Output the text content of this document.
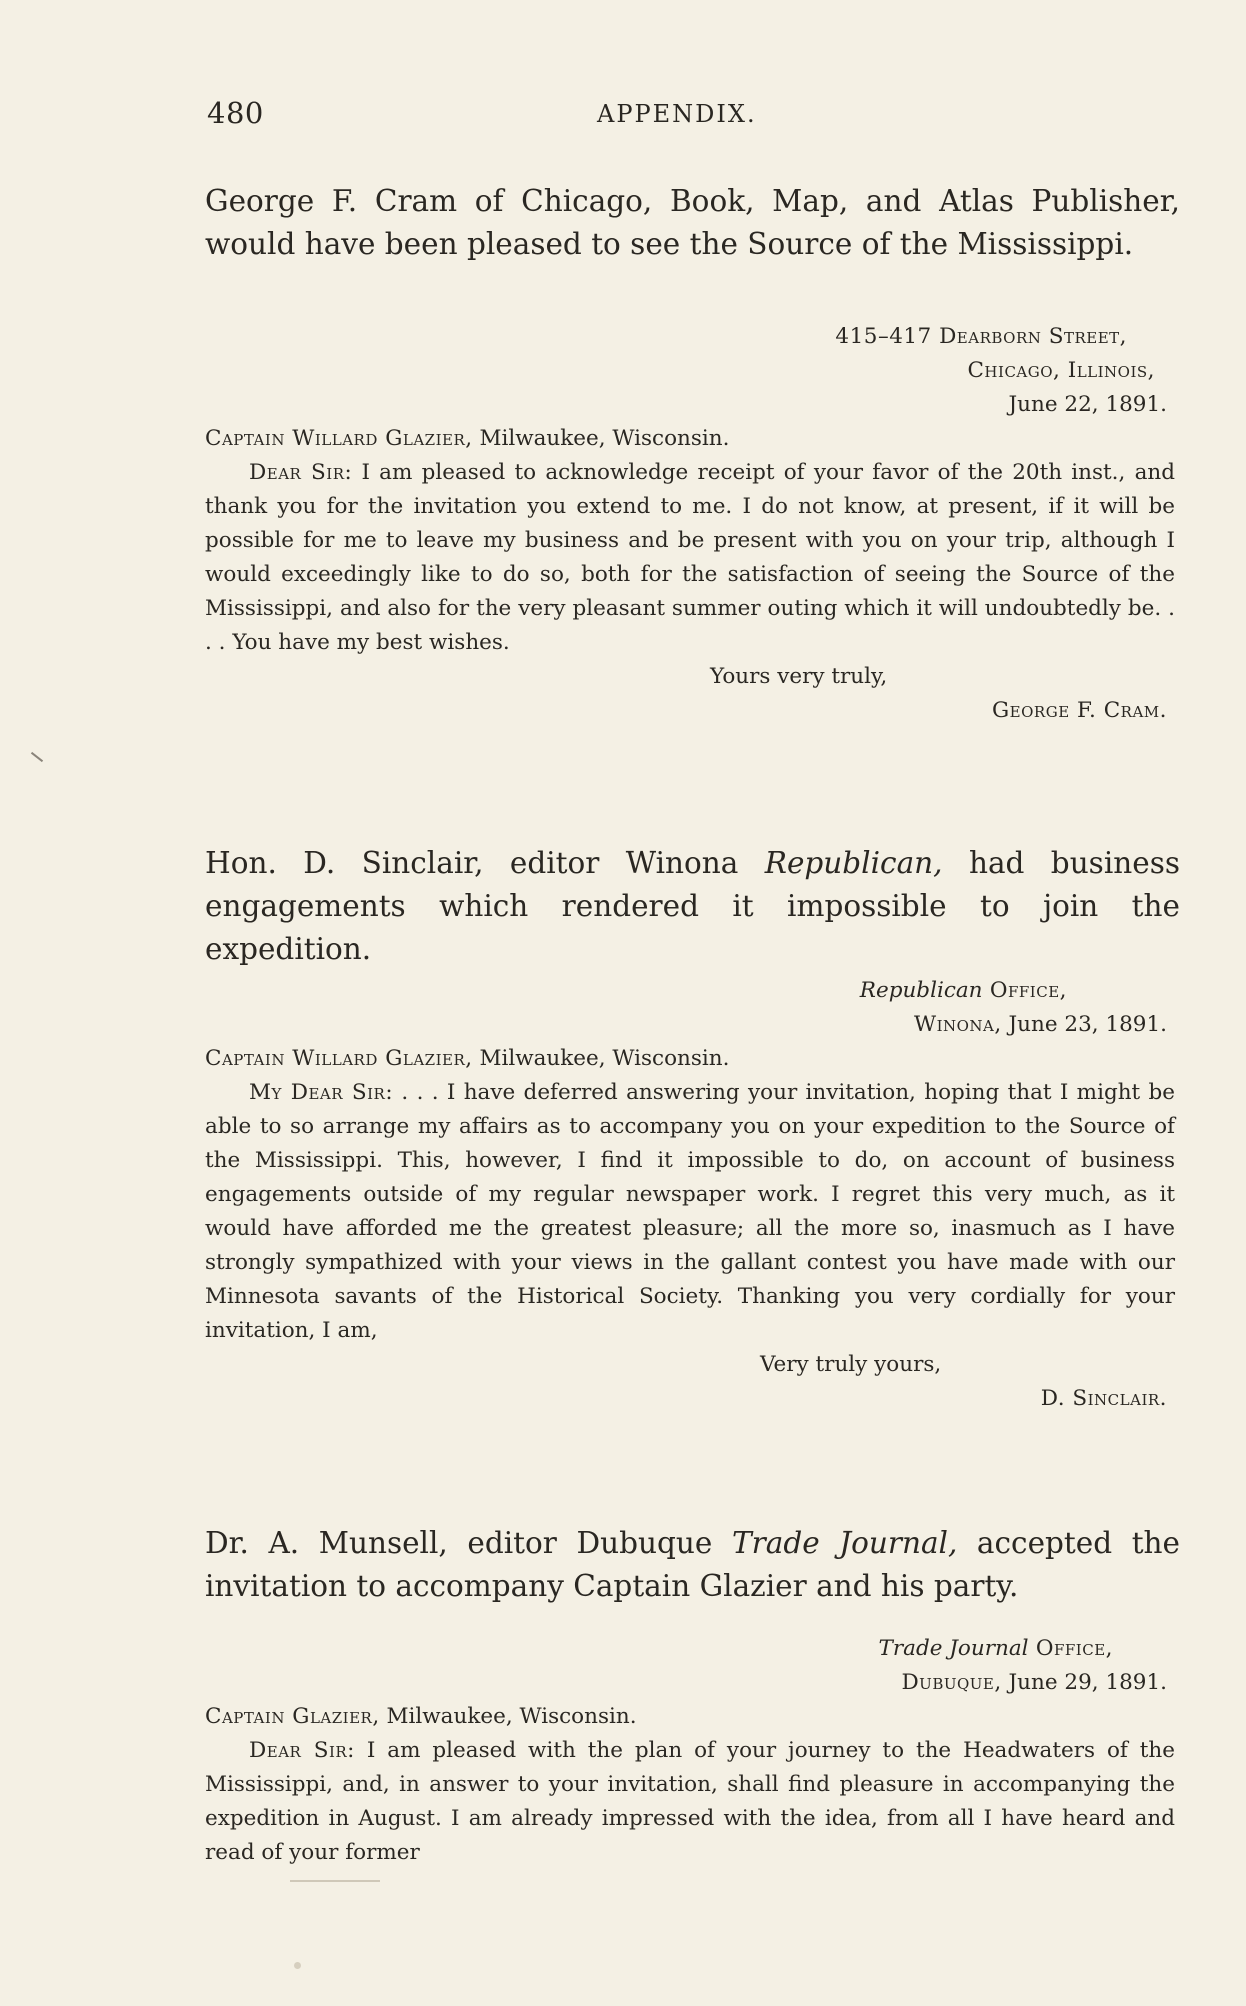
480	APPENDIX.
George F. Cram of Chicago, Book, Map, and Atlas Publisher, would have been pleased to see the Source of the Mississippi.
415–417 Dearborn Street,
Chicago, Illinois,
June 22, 1891.
Captain Willard Glazier, Milwaukee, Wisconsin.
Dear Sir: I am pleased to acknowledge receipt of your favor of the 20th inst., and thank you for the invitation you extend to me. I do not know, at present, if it will be possible for me to leave my business and be present with you on your trip, although I would exceedingly like to do so, both for the satisfaction of seeing the Source of the Mississippi, and also for the very pleasant summer outing which it will undoubtedly be. . . . You have my best wishes.
Yours very truly,
George F. Cram.
Hon. D. Sinclair, editor Winona Republican, had business engagements which rendered it impossible to join the expedition.
Republican Office,
Winona, June 23, 1891.
Captain Willard Glazier, Milwaukee, Wisconsin.
My Dear Sir: . . . I have deferred answering your invitation, hoping that I might be able to so arrange my affairs as to accompany you on your expedition to the Source of the Mississippi. This, however, I find it impossible to do, on account of business engagements outside of my regular newspaper work. I regret this very much, as it would have afforded me the greatest pleasure; all the more so, inasmuch as I have strongly sympathized with your views in the gallant contest you have made with our Minnesota savants of the Historical Society. Thanking you very cordially for your invitation, I am,
Very truly yours,
D. Sinclair.
Dr. A. Munsell, editor Dubuque Trade Journal, accepted the invitation to accompany Captain Glazier and his party.
Trade Journal Office,
Dubuque, June 29, 1891.
Captain Glazier, Milwaukee, Wisconsin.
Dear Sir: I am pleased with the plan of your journey to the Headwaters of the Mississippi, and, in answer to your invitation, shall find pleasure in accompanying the expedition in August. I am already impressed with the idea, from all I have heard and read of your former
